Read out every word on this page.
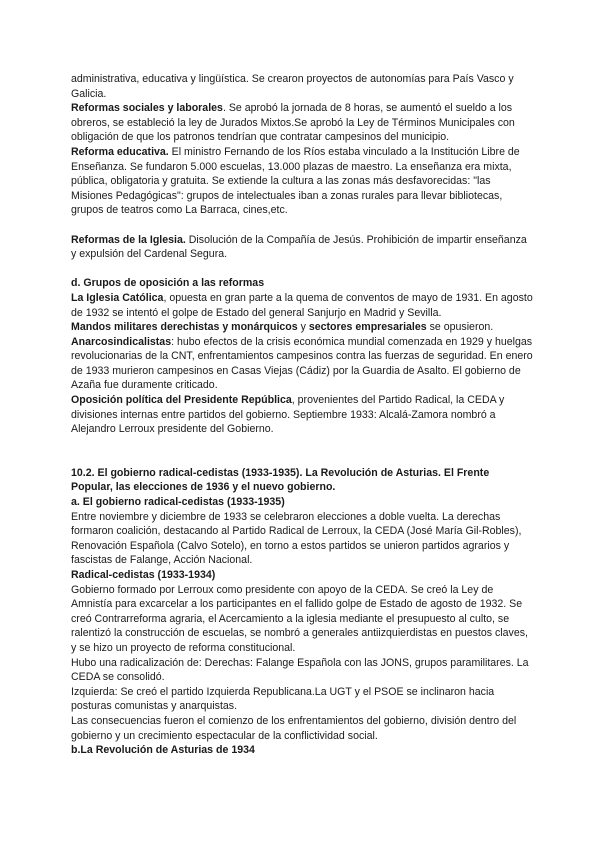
administrativa, educativa y lingüística. Se crearon proyectos de autonomías para País Vasco y Galicia.

Reformas sociales y laborales. Se aprobó la jornada de 8 horas, se aumentó el sueldo a los obreros, se estableció la ley de Jurados Mixtos.Se aprobó la Ley de Términos Municipales con obligación de que los patronos tendrían que contratar campesinos del municipio.

Reforma educativa. El ministro Fernando de los Ríos estaba vinculado a la Institución Libre de Enseñanza. Se fundaron 5.000 escuelas, 13.000 plazas de maestro. La enseñanza era mixta, pública, obligatoria y gratuita. Se extiende la cultura a las zonas más desfavorecidas: "las Misiones Pedagógicas": grupos de intelectuales iban a zonas rurales para llevar bibliotecas, grupos de teatros como La Barraca, cines,etc.

Reformas de la Iglesia. Disolución de la Compañía de Jesús. Prohibición de impartir enseñanza y expulsión del Cardenal Segura.

d. Grupos de oposición a las reformas

La Iglesia Católica, opuesta en gran parte a la quema de conventos de mayo de 1931. En agosto de 1932 se intentó el golpe de Estado del general Sanjurjo en Madrid y Sevilla.

Mandos militares derechistas y monárquicos y sectores empresariales se opusieron.

Anarcosindicalistas: hubo efectos de la crisis económica mundial comenzada en 1929 y huelgas revolucionarias de la CNT, enfrentamientos campesinos contra las fuerzas de seguridad. En enero de 1933 murieron campesinos en Casas Viejas (Cádiz) por la Guardia de Asalto. El gobierno de Azaña fue duramente criticado.

Oposición política del Presidente República, provenientes del Partido Radical, la CEDA y divisiones internas entre partidos del gobierno. Septiembre 1933: Alcalá-Zamora nombró a Alejandro Lerroux presidente del Gobierno.

10.2. El gobierno radical-cedistas (1933-1935). La Revolución de Asturias. El Frente Popular, las elecciones de 1936 y el nuevo gobierno.

a. El gobierno radical-cedistas (1933-1935)

Entre noviembre y diciembre de 1933 se celebraron elecciones a doble vuelta. La derechas formaron coalición, destacando al Partido Radical de Lerroux, la CEDA (José María Gil-Robles), Renovación Española (Calvo Sotelo), en torno a estos partidos se unieron partidos agrarios y fascistas de Falange, Acción Nacional.

Radical-cedistas (1933-1934)

Gobierno formado por Lerroux como presidente con apoyo de la CEDA. Se creó la Ley de Amnistía para excarcelar a los participantes en el fallido golpe de Estado de agosto de 1932. Se creó Contrarreforma agraria, el Acercamiento a la iglesia mediante el presupuesto al culto, se ralentizó la construcción de escuelas, se nombró a generales antiizquierdistas en puestos claves, y se hizo un proyecto de reforma constitucional.

Hubo una radicalización de: Derechas: Falange Española con las JONS, grupos paramilitares. La CEDA se consolidó.

Izquierda: Se creó el partido Izquierda Republicana.La UGT y el PSOE se inclinaron hacia posturas comunistas y anarquistas.

Las consecuencias fueron el comienzo de los enfrentamientos del gobierno, división dentro del gobierno y un crecimiento espectacular de la conflictividad social.

b.La Revolución de Asturias de 1934
